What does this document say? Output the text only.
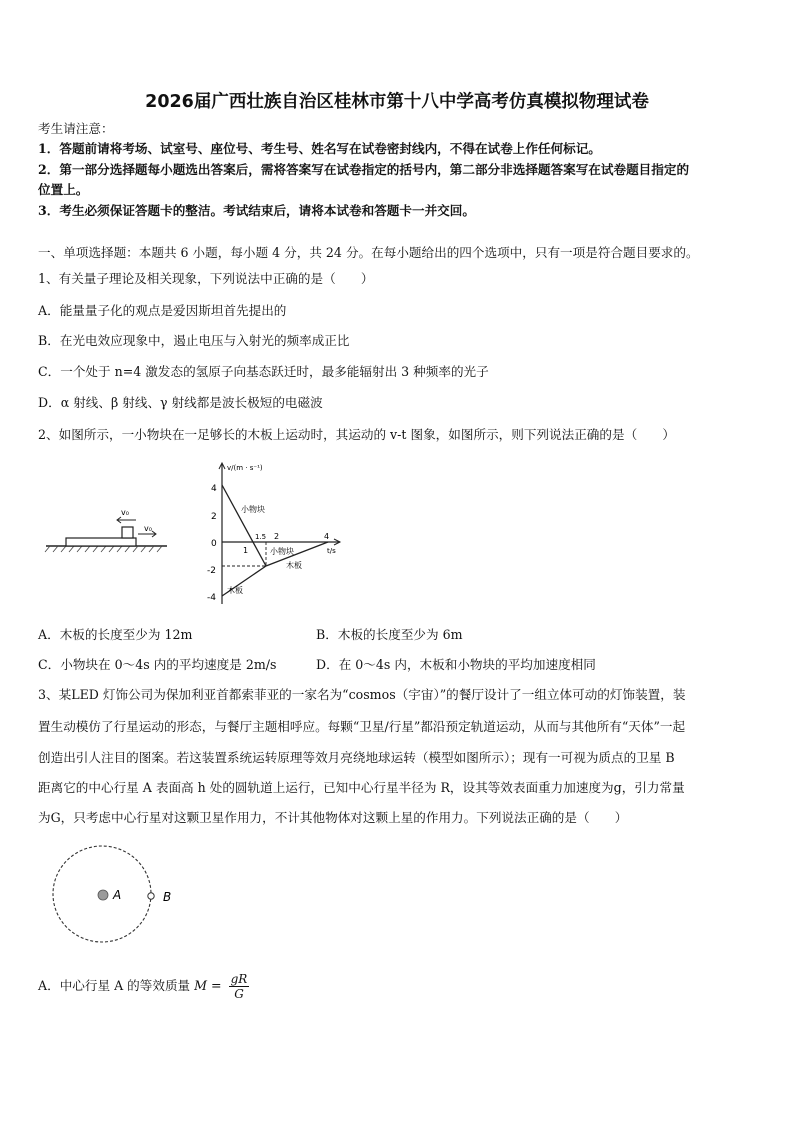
2026届广西壮族自治区桂林市第十八中学高考仿真模拟物理试卷
考生请注意：
1．答题前请将考场、试室号、座位号、考生号、姓名写在试卷密封线内，不得在试卷上作任何标记。
2．第一部分选择题每小题选出答案后，需将答案写在试卷指定的括号内，第二部分非选择题答案写在试卷题目指定的
位置上。
3．考生必须保证答题卡的整洁。考试结束后，请将本试卷和答题卡一并交回。
一、单项选择题：本题共 6 小题，每小题 4 分，共 24 分。在每小题给出的四个选项中，只有一项是符合题目要求的。
1、有关量子理论及相关现象，下列说法中正确的是（　　）
A．能量量子化的观点是爱因斯坦首先提出的
B．在光电效应现象中，遏止电压与入射光的频率成正比
C．一个处于 n=4 激发态的氢原子向基态跃迁时，最多能辐射出 3 种频率的光子
D．α 射线、β 射线、γ 射线都是波长极短的电磁波
2、如图所示，一小物块在一足够长的木板上运动时，其运动的 v-t 图象，如图所示，则下列说法正确的是（　　）
v₀
v₀
v/(m · s⁻¹)
t/s
4
2
0
-2
-4
1
1.5 2	4
小物块
小物块
木板
木板
A．木板的长度至少为 12m	B．木板的长度至少为 6m
C．小物块在 0～4s 内的平均速度是 2m/s	D．在 0～4s 内，木板和小物块的平均加速度相同
3、某LED 灯饰公司为保加利亚首都索菲亚的一家名为“cosmos（宇宙）”的餐厅设计了一组立体可动的灯饰装置，装
置生动模仿了行星运动的形态，与餐厅主题相呼应。每颗“卫星/行星”都沿预定轨道运动，从而与其他所有“天体”一起
创造出引人注目的图案。若这装置系统运转原理等效月亮绕地球运转（模型如图所示）；现有一可视为质点的卫星 B
距离它的中心行星 A 表面高 h 处的圆轨道上运行，已知中心行星半径为 R，设其等效表面重力加速度为g，引力常量
为G，只考虑中心行星对这颗卫星作用力，不计其他物体对这颗上星的作用力。下列说法正确的是（　　）
A	B
A．中心行星 A 的等效质量 $M = \frac{gR}{G}$
